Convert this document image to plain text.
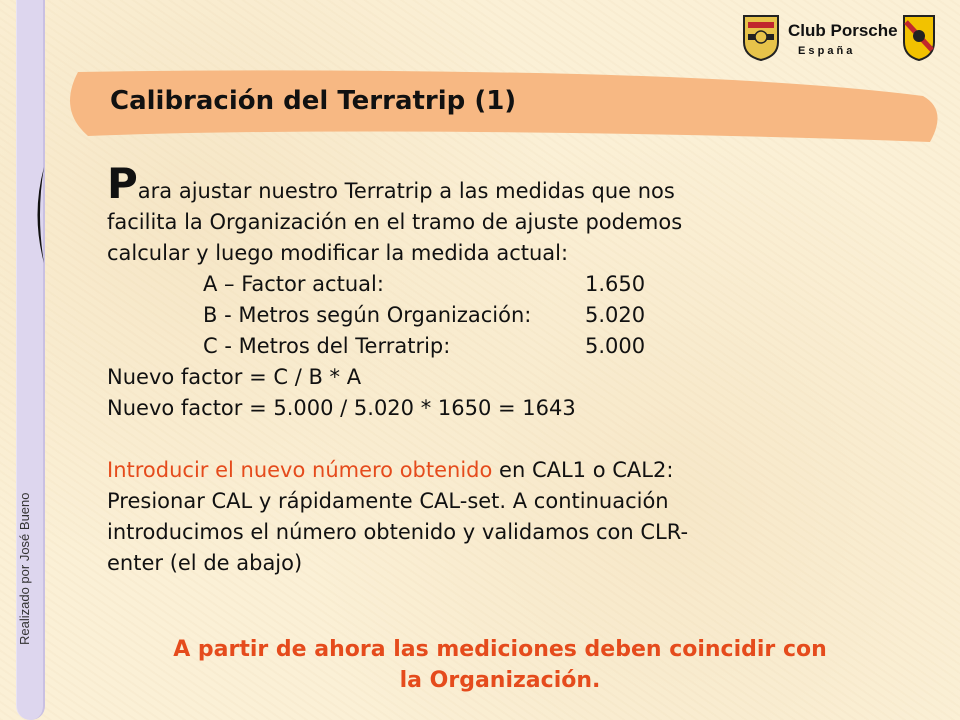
Realizado por José Bueno
Calibración del Terratrip (1)
Club Porsche
E s p a ñ a
Para ajustar nuestro Terratrip a las medidas que nos
facilita la Organización en el tramo de ajuste podemos
calcular y luego modificar la medida actual:
A – Factor actual:	1.650
B - Metros según Organización:	5.020
C - Metros del Terratrip:	5.000
Nuevo factor = C / B * A
Nuevo factor = 5.000 / 5.020 * 1650 = 1643
Introducir el nuevo número obtenido en CAL1 o CAL2:
Presionar CAL y rápidamente CAL-set. A continuación
introducimos el número obtenido y validamos con CLR-
enter (el de abajo)
A partir de ahora las mediciones deben coincidir con
la Organización.
